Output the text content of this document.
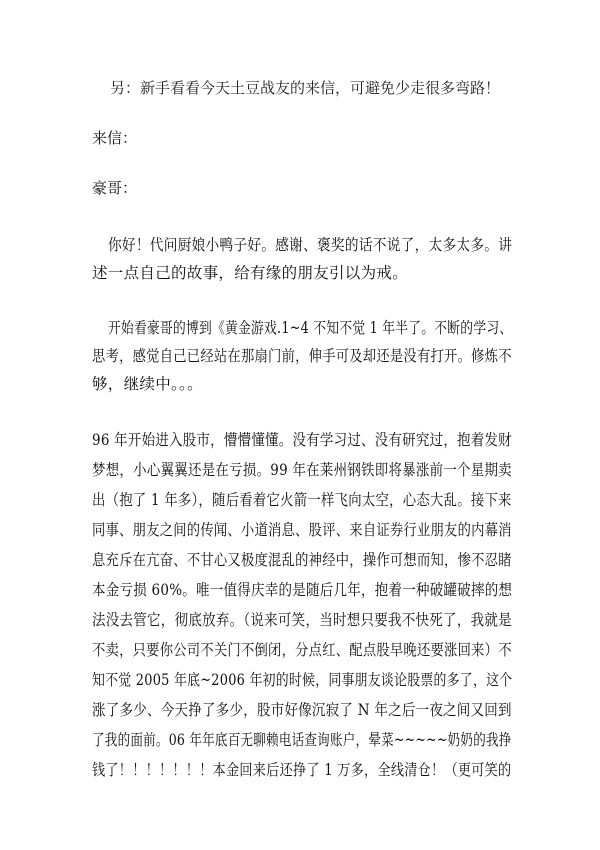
另：新手看看今天土豆战友的来信，可避免少走很多弯路！
来信：
豪哥：
你好！代问厨娘小鸭子好。感谢、褒奖的话不说了，太多太多。讲
述一点自己的故事，给有缘的朋友引以为戒。
开始看豪哥的博到《黄金游戏.1~4 不知不觉 1 年半了。不断的学习、
思考，感觉自己已经站在那扇门前，伸手可及却还是没有打开。修炼不
够，继续中。。。
96 年开始进入股市，懵懵懂懂。没有学习过、没有研究过，抱着发财
梦想，小心翼翼还是在亏损。99 年在莱州钢铁即将暴涨前一个星期卖
出（抱了 1 年多），随后看着它火箭一样飞向太空，心态大乱。接下来
同事、朋友之间的传闻、小道消息、股评、来自证券行业朋友的内幕消
息充斥在亢奋、不甘心又极度混乱的神经中，操作可想而知，惨不忍睹
本金亏损 60%。唯一值得庆幸的是随后几年，抱着一种破罐破摔的想
法没去管它，彻底放弃。（说来可笑，当时想只要我不快死了，我就是
不卖，只要你公司不关门不倒闭，分点红、配点股早晚还要涨回来）不
知不觉 2005 年底~2006 年初的时候，同事朋友谈论股票的多了，这个
涨了多少、今天挣了多少，股市好像沉寂了 N 年之后一夜之间又回到
了我的面前。06 年年底百无聊赖电话查询账户，晕菜~~~~~奶奶的我挣
钱了！！！！！！！本金回来后还挣了 1 万多，全线清仓！（更可笑的
